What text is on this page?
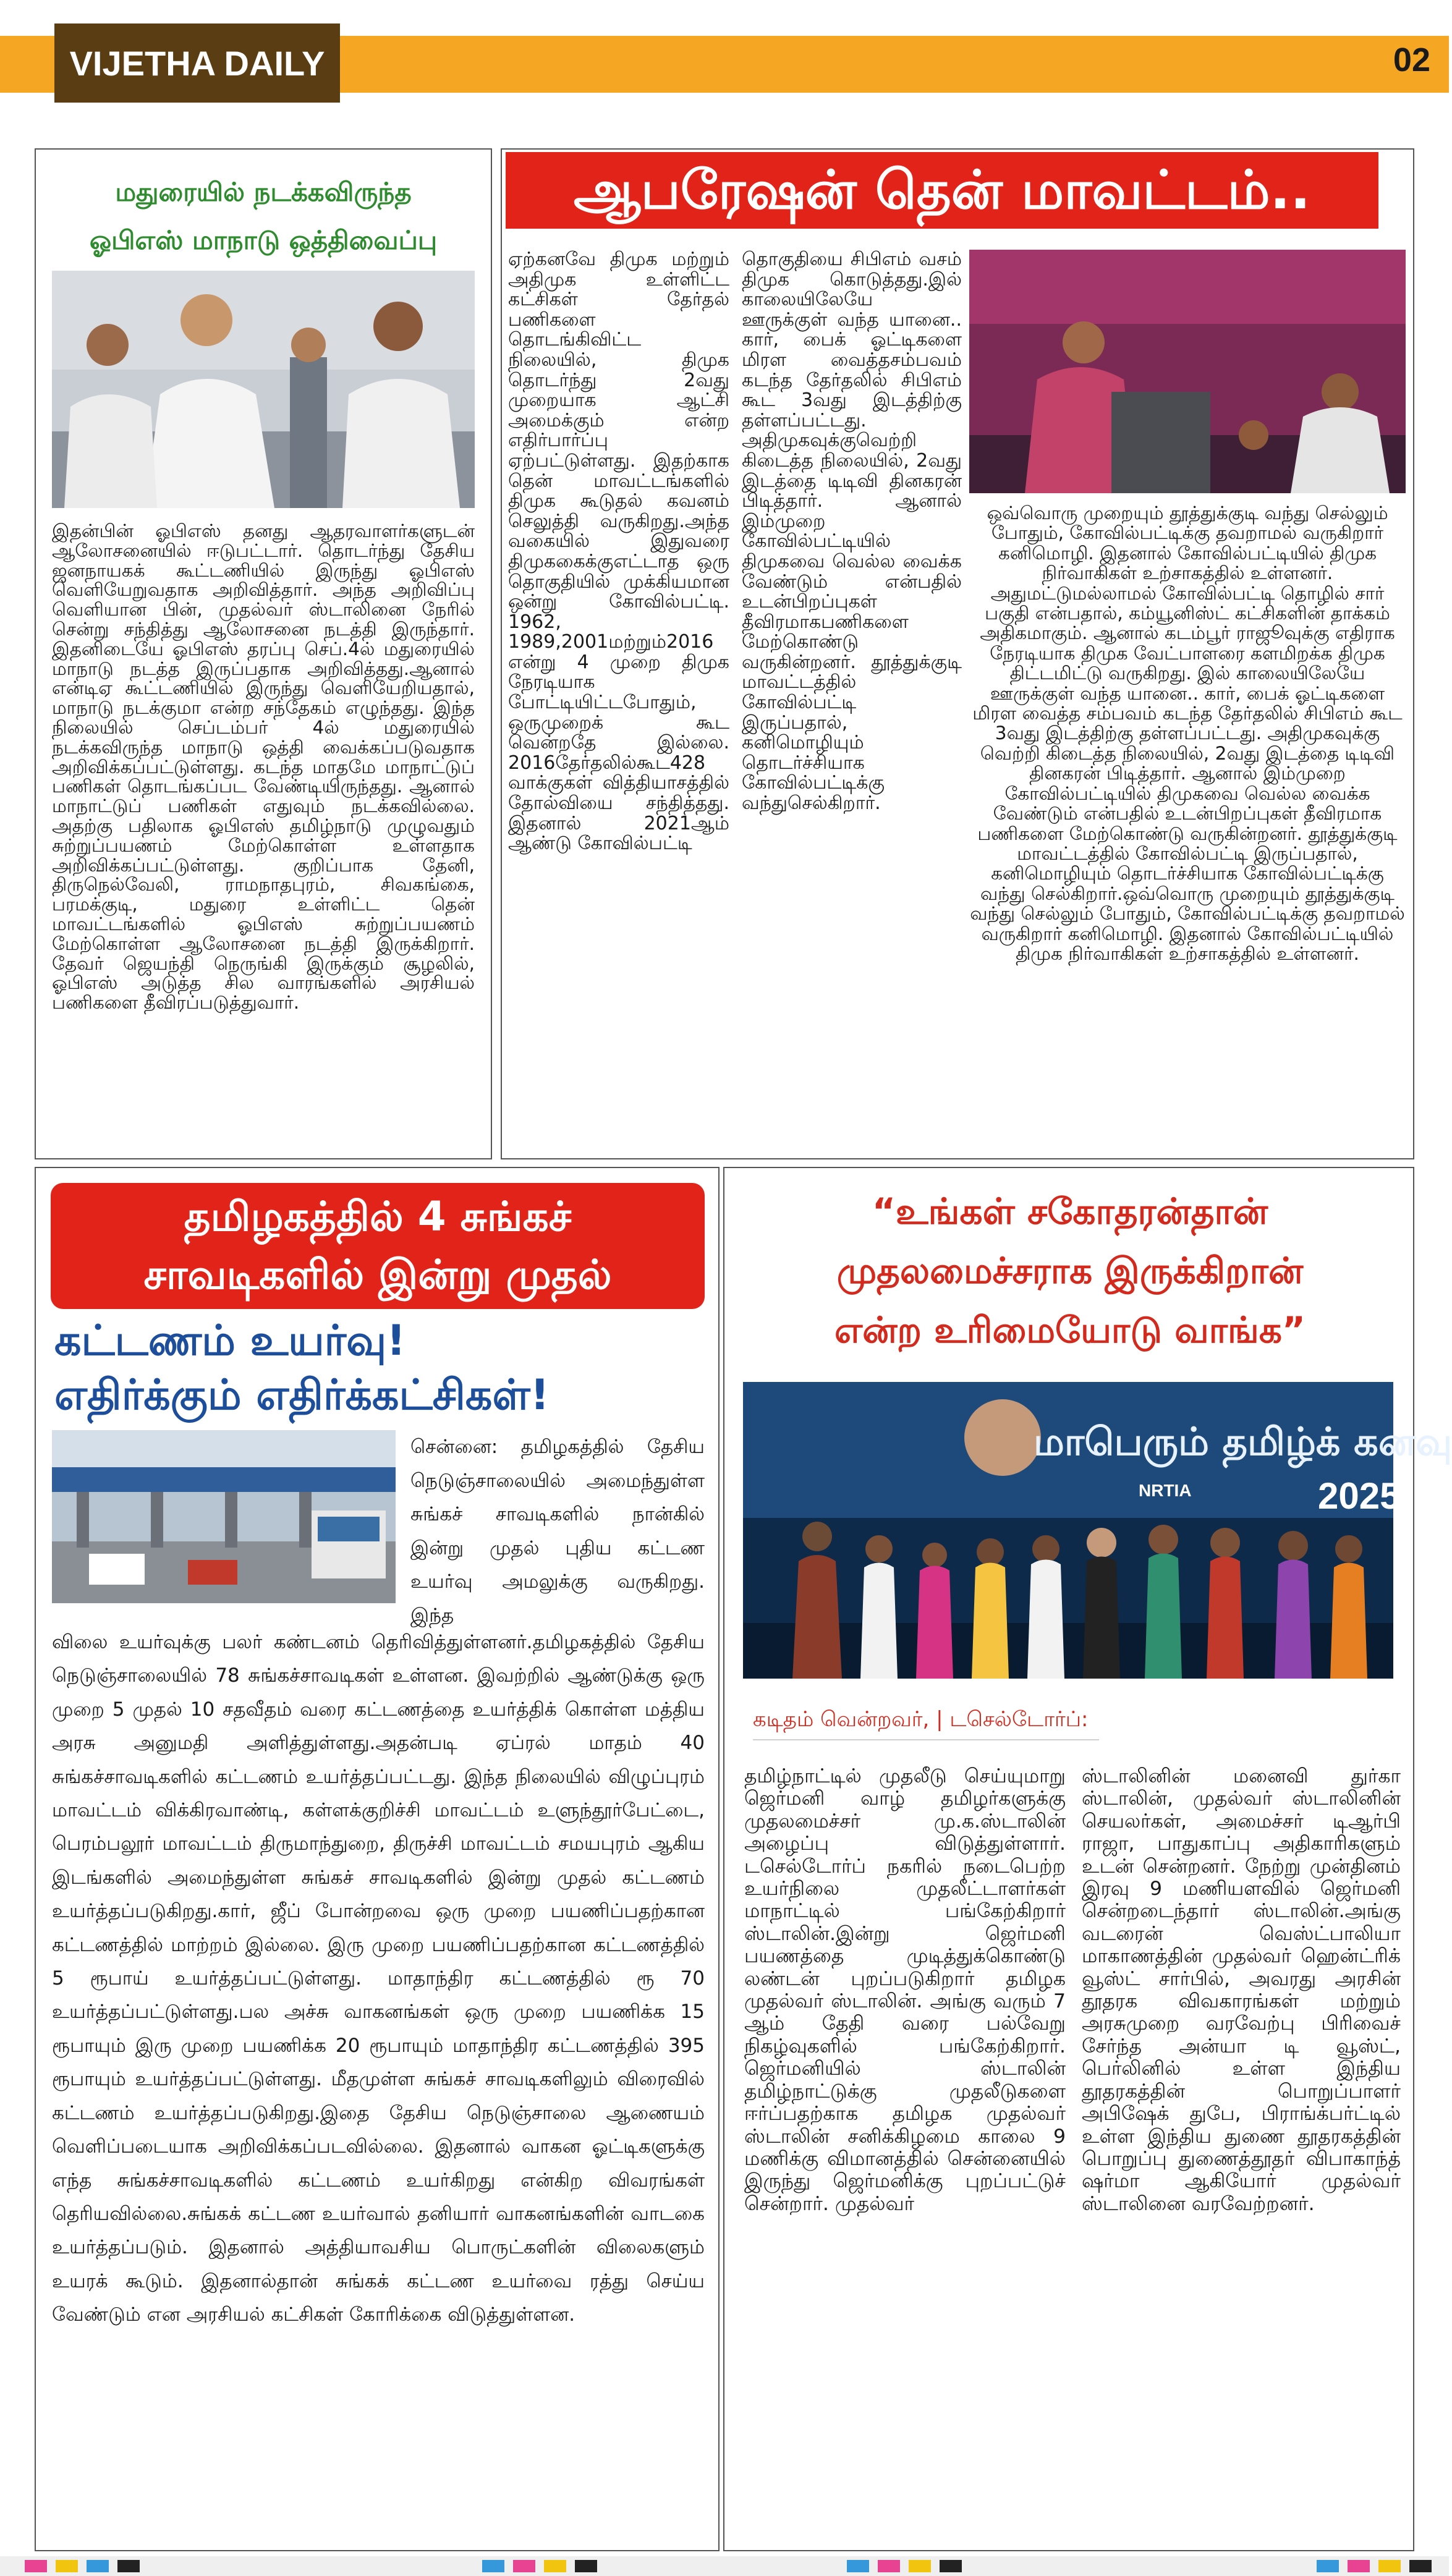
VIJETHA DAILY	02
மதுரையில் நடக்கவிருந்த
ஓபிஎஸ் மாநாடு ஒத்திவைப்பு
இதன்பின் ஓபிஎஸ் தனது ஆதரவாளர்களுடன் ஆலோசனையில் ஈடுபட்டார். தொடர்ந்து தேசிய ஜனநாயகக் கூட்டணியில் இருந்து ஓபிஎஸ் வெளியேறுவதாக அறிவித்தார். அந்த அறிவிப்பு வெளியான பின், முதல்வர் ஸ்டாலினை நேரில் சென்று சந்தித்து ஆலோசனை நடத்தி இருந்தார். இதனிடையே ஓபிஎஸ் தரப்பு செப்.4ல் மதுரையில் மாநாடு நடத்த இருப்பதாக அறிவித்தது.ஆனால் என்டிஏ கூட்டணியில் இருந்து வெளியேறியதால், மாநாடு நடக்குமா என்ற சந்தேகம் எழுந்தது. இந்த நிலையில் செப்டம்பர் 4ல் மதுரையில் நடக்கவிருந்த மாநாடு ஒத்தி வைக்கப்படுவதாக அறிவிக்கப்பட்டுள்ளது. கடந்த மாதமே மாநாட்டுப் பணிகள் தொடங்கப்பட வேண்டியிருந்தது. ஆனால் மாநாட்டுப் பணிகள் எதுவும் நடக்கவில்லை. அதற்கு பதிலாக ஓபிஎஸ் தமிழ்நாடு முழுவதும் சுற்றுப்பயணம் மேற்கொள்ள உள்ளதாக அறிவிக்கப்பட்டுள்ளது. குறிப்பாக தேனி, திருநெல்வேலி, ராமநாதபுரம், சிவகங்கை, பரமக்குடி, மதுரை உள்ளிட்ட தென் மாவட்டங்களில் ஓபிஎஸ் சுற்றுப்பயணம் மேற்கொள்ள ஆலோசனை நடத்தி இருக்கிறார். தேவர் ஜெயந்தி நெருங்கி இருக்கும் சூழலில், ஓபிஎஸ் அடுத்த சில வாரங்களில் அரசியல் பணிகளை தீவிரப்படுத்துவார்.
ஆபரேஷன் தென் மாவட்டம்..
ஏற்கனவே திமுக மற்றும் அதிமுக உள்ளிட்ட கட்சிகள் தேர்தல் பணிகளை தொடங்கிவிட்ட நிலையில், திமுக தொடர்ந்து 2வது முறையாக ஆட்சி அமைக்கும் என்ற எதிர்பார்ப்பு ஏற்பட்டுள்ளது. இதற்காக தென் மாவட்டங்களில் திமுக கூடுதல் கவனம் செலுத்தி வருகிறது.அந்த வகையில் இதுவரை திமுககைக்குஎட்டாத ஒரு தொகுதியில் முக்கியமான ஒன்று கோவில்பட்டி. 1962, 1989,2001மற்றும்2016 என்று 4 முறை திமுக நேரடியாக போட்டியிட்டபோதும், ஒருமுறைக் கூட வென்றதே இல்லை. 2016தேர்தலில்கூட428 வாக்குகள் வித்தியாசத்தில் தோல்வியை சந்தித்தது. இதனால் 2021ஆம் ஆண்டு கோவில்பட்டி
தொகுதியை சிபிஎம் வசம் திமுக கொடுத்தது.இல் காலையிலேயே ஊருக்குள் வந்த யானை.. கார், பைக் ஓட்டிகளை மிரள வைத்தசம்பவம் கடந்த தேர்தலில் சிபிஎம் கூட 3வது இடத்திற்கு தள்ளப்பட்டது. அதிமுகவுக்குவெற்றி கிடைத்த நிலையில், 2வது இடத்தை டிடிவி தினகரன் பிடித்தார். ஆனால் இம்முறை கோவில்பட்டியில் திமுகவை வெல்ல வைக்க வேண்டும் என்பதில் உடன்பிறப்புகள் தீவிரமாகபணிகளை மேற்கொண்டு வருகின்றனர். தூத்துக்குடி மாவட்டத்தில் கோவில்பட்டி இருப்பதால், கனிமொழியும் தொடர்ச்சியாக கோவில்பட்டிக்கு வந்துசெல்கிறார்.
ஒவ்வொரு முறையும் தூத்துக்குடி வந்து செல்லும் போதும், கோவில்பட்டிக்கு தவறாமல் வருகிறார் கனிமொழி. இதனால் கோவில்பட்டியில் திமுக நிர்வாகிகள் உற்சாகத்தில் உள்ளனர். அதுமட்டுமல்லாமல் கோவில்பட்டி தொழில் சார் பகுதி என்பதால், கம்யூனிஸ்ட் கட்சிகளின் தாக்கம் அதிகமாகும். ஆனால் கடம்பூர் ராஜூவுக்கு எதிராக நேரடியாக திமுக வேட்பாளரை களமிறக்க திமுக திட்டமிட்டு வருகிறது. இல் காலையிலேயே ஊருக்குள் வந்த யானை.. கார், பைக் ஓட்டிகளை மிரள வைத்த சம்பவம் கடந்த தேர்தலில் சிபிஎம் கூட 3வது இடத்திற்கு தள்ளப்பட்டது. அதிமுகவுக்கு வெற்றி கிடைத்த நிலையில், 2வது இடத்தை டிடிவி தினகரன் பிடித்தார். ஆனால் இம்முறை கோவில்பட்டியில் திமுகவை வெல்ல வைக்க வேண்டும் என்பதில் உடன்பிறப்புகள் தீவிரமாக பணிகளை மேற்கொண்டு வருகின்றனர். தூத்துக்குடி மாவட்டத்தில் கோவில்பட்டி இருப்பதால், கனிமொழியும் தொடர்ச்சியாக கோவில்பட்டிக்கு வந்து செல்கிறார்.ஒவ்வொரு முறையும் தூத்துக்குடி வந்து செல்லும் போதும், கோவில்பட்டிக்கு தவறாமல் வருகிறார் கனிமொழி. இதனால் கோவில்பட்டியில் திமுக நிர்வாகிகள் உற்சாகத்தில் உள்ளனர்.
தமிழகத்தில் 4 சுங்கச்
சாவடிகளில் இன்று முதல்
கட்டணம் உயர்வு!
எதிர்க்கும் எதிர்க்கட்சிகள்!
சென்னை: தமிழகத்தில் தேசிய நெடுஞ்சாலையில் அமைந்துள்ள சுங்கச் சாவடிகளில் நான்கில் இன்று முதல் புதிய கட்டண உயர்வு அமலுக்கு வருகிறது. இந்த
விலை உயர்வுக்கு பலர் கண்டனம் தெரிவித்துள்ளனர்.தமிழகத்தில் தேசிய நெடுஞ்சாலையில் 78 சுங்கச்சாவடிகள் உள்ளன. இவற்றில் ஆண்டுக்கு ஒரு முறை 5 முதல் 10 சதவீதம் வரை கட்டணத்தை உயர்த்திக் கொள்ள மத்திய அரசு அனுமதி அளித்துள்ளது.அதன்படி ஏப்ரல் மாதம் 40 சுங்கச்சாவடிகளில் கட்டணம் உயர்த்தப்பட்டது. இந்த நிலையில் விழுப்புரம் மாவட்டம் விக்கிரவாண்டி, கள்ளக்குறிச்சி மாவட்டம் உளுந்தூர்பேட்டை, பெரம்பலூர் மாவட்டம் திருமாந்துறை, திருச்சி மாவட்டம் சமயபுரம் ஆகிய இடங்களில் அமைந்துள்ள சுங்கச் சாவடிகளில் இன்று முதல் கட்டணம் உயர்த்தப்படுகிறது.கார், ஜீப் போன்றவை ஒரு முறை பயணிப்பதற்கான கட்டணத்தில் மாற்றம் இல்லை. இரு முறை பயணிப்பதற்கான கட்டணத்தில் 5 ரூபாய் உயர்த்தப்பட்டுள்ளது. மாதாந்திர கட்டணத்தில் ரூ 70 உயர்த்தப்பட்டுள்ளது.பல அச்சு வாகனங்கள் ஒரு முறை பயணிக்க 15 ரூபாயும் இரு முறை பயணிக்க 20 ரூபாயும் மாதாந்திர கட்டணத்தில் 395 ரூபாயும் உயர்த்தப்பட்டுள்ளது. மீதமுள்ள சுங்கச் சாவடிகளிலும் விரைவில் கட்டணம் உயர்த்தப்படுகிறது.இதை தேசிய நெடுஞ்சாலை ஆணையம் வெளிப்படையாக அறிவிக்கப்படவில்லை. இதனால் வாகன ஓட்டிகளுக்கு எந்த சுங்கச்சாவடிகளில் கட்டணம் உயர்கிறது என்கிற விவரங்கள் தெரியவில்லை.சுங்கக் கட்டண உயர்வால் தனியார் வாகனங்களின் வாடகை உயர்த்தப்படும். இதனால் அத்தியாவசிய பொருட்களின் விலைகளும் உயரக் கூடும். இதனால்தான் சுங்கக் கட்டண உயர்வை ரத்து செய்ய வேண்டும் என அரசியல் கட்சிகள் கோரிக்கை விடுத்துள்ளன.
“உங்கள் சகோதரன்தான்
முதலமைச்சராக இருக்கிறான்
என்ற உரிமையோடு வாங்க”
மாபெரும் தமிழ்க் கனவு
NRTIA	2025
கடிதம் வென்றவர், | டசெல்டோர்ப்:
தமிழ்நாட்டில் முதலீடு செய்யுமாறு ஜெர்மனி வாழ் தமிழர்களுக்கு முதலமைச்சர் மு.க.ஸ்டாலின் அழைப்பு விடுத்துள்ளார். டசெல்டோர்ப் நகரில் நடைபெற்ற உயர்நிலை முதலீட்டாளர்கள் மாநாட்டில் பங்கேற்கிறார் ஸ்டாலின்.இன்று ஜெர்மனி பயணத்தை முடித்துக்கொண்டு லண்டன் புறப்படுகிறார் தமிழக முதல்வர் ஸ்டாலின். அங்கு வரும் 7 ஆம் தேதி வரை பல்வேறு நிகழ்வுகளில் பங்கேற்கிறார். ஜெர்மனியில் ஸ்டாலின் தமிழ்நாட்டுக்கு முதலீடுகளை ஈர்ப்பதற்காக தமிழக முதல்வர் ஸ்டாலின் சனிக்கிழமை காலை 9 மணிக்கு விமானத்தில் சென்னையில் இருந்து ஜெர்மனிக்கு புறப்பட்டுச் சென்றார். முதல்வர்
ஸ்டாலினின் மனைவி துர்கா ஸ்டாலின், முதல்வர் ஸ்டாலினின் செயலர்கள், அமைச்சர் டிஆர்பி ராஜா, பாதுகாப்பு அதிகாரிகளும் உடன் சென்றனர். நேற்று முன்தினம் இரவு 9 மணியளவில் ஜெர்மனி சென்றடைந்தார் ஸ்டாலின்.அங்கு வடரைன் வெஸ்ட்பாலியா மாகாணத்தின் முதல்வர் ஹென்ட்ரிக் வூஸ்ட் சார்பில், அவரது அரசின் தூதரக விவகாரங்கள் மற்றும் அரசுமுறை வரவேற்பு பிரிவைச் சேர்ந்த அன்யா டி வூஸ்ட், பெர்லினில் உள்ள இந்திய தூதரகத்தின் பொறுப்பாளர் அபிஷேக் துபே, பிராங்க்பர்ட்டில் உள்ள இந்திய துணை தூதரகத்தின் பொறுப்பு துணைத்தூதர் விபாகாந்த் ஷர்மா ஆகியோர் முதல்வர் ஸ்டாலினை வரவேற்றனர்.
